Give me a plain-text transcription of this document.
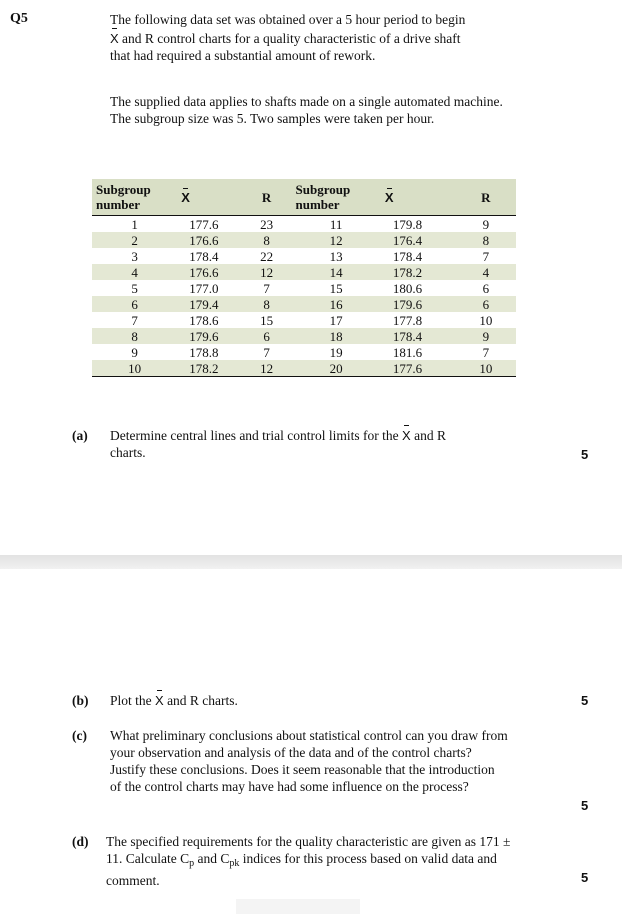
Q5	The following data set was obtained over a 5 hour period to begin
X and R control charts for a quality characteristic of a drive shaft
that had required a substantial amount of rework.
The supplied data applies to shafts made on a single automated machine. The subgroup size was 5. Two samples were taken per hour.
Subgroup number	X	R	Subgroup number	X	R
1	177.6	23	11	179.8	9
2	176.6	8	12	176.4	8
3	178.4	22	13	178.4	7
4	176.6	12	14	178.2	4
5	177.0	7	15	180.6	6
6	179.4	8	16	179.6	6
7	178.6	15	17	177.8	10
8	179.6	6	18	178.4	9
9	178.8	7	19	181.6	7
10	178.2	12	20	177.6	10
(a) Determine central lines and trial control limits for the X and R
charts.	5
(b) Plot the X and R charts.	5
(c) What preliminary conclusions about statistical control can you draw from your observation and analysis of the data and of the control charts? Justify these conclusions. Does it seem reasonable that the introduction of the control charts may have had some influence on the process?
5
(d) The specified requirements for the quality characteristic are given as 171 ± 11. Calculate $C_p$ and $C_{pk}$ indices for this process based on valid data and comment.	5
